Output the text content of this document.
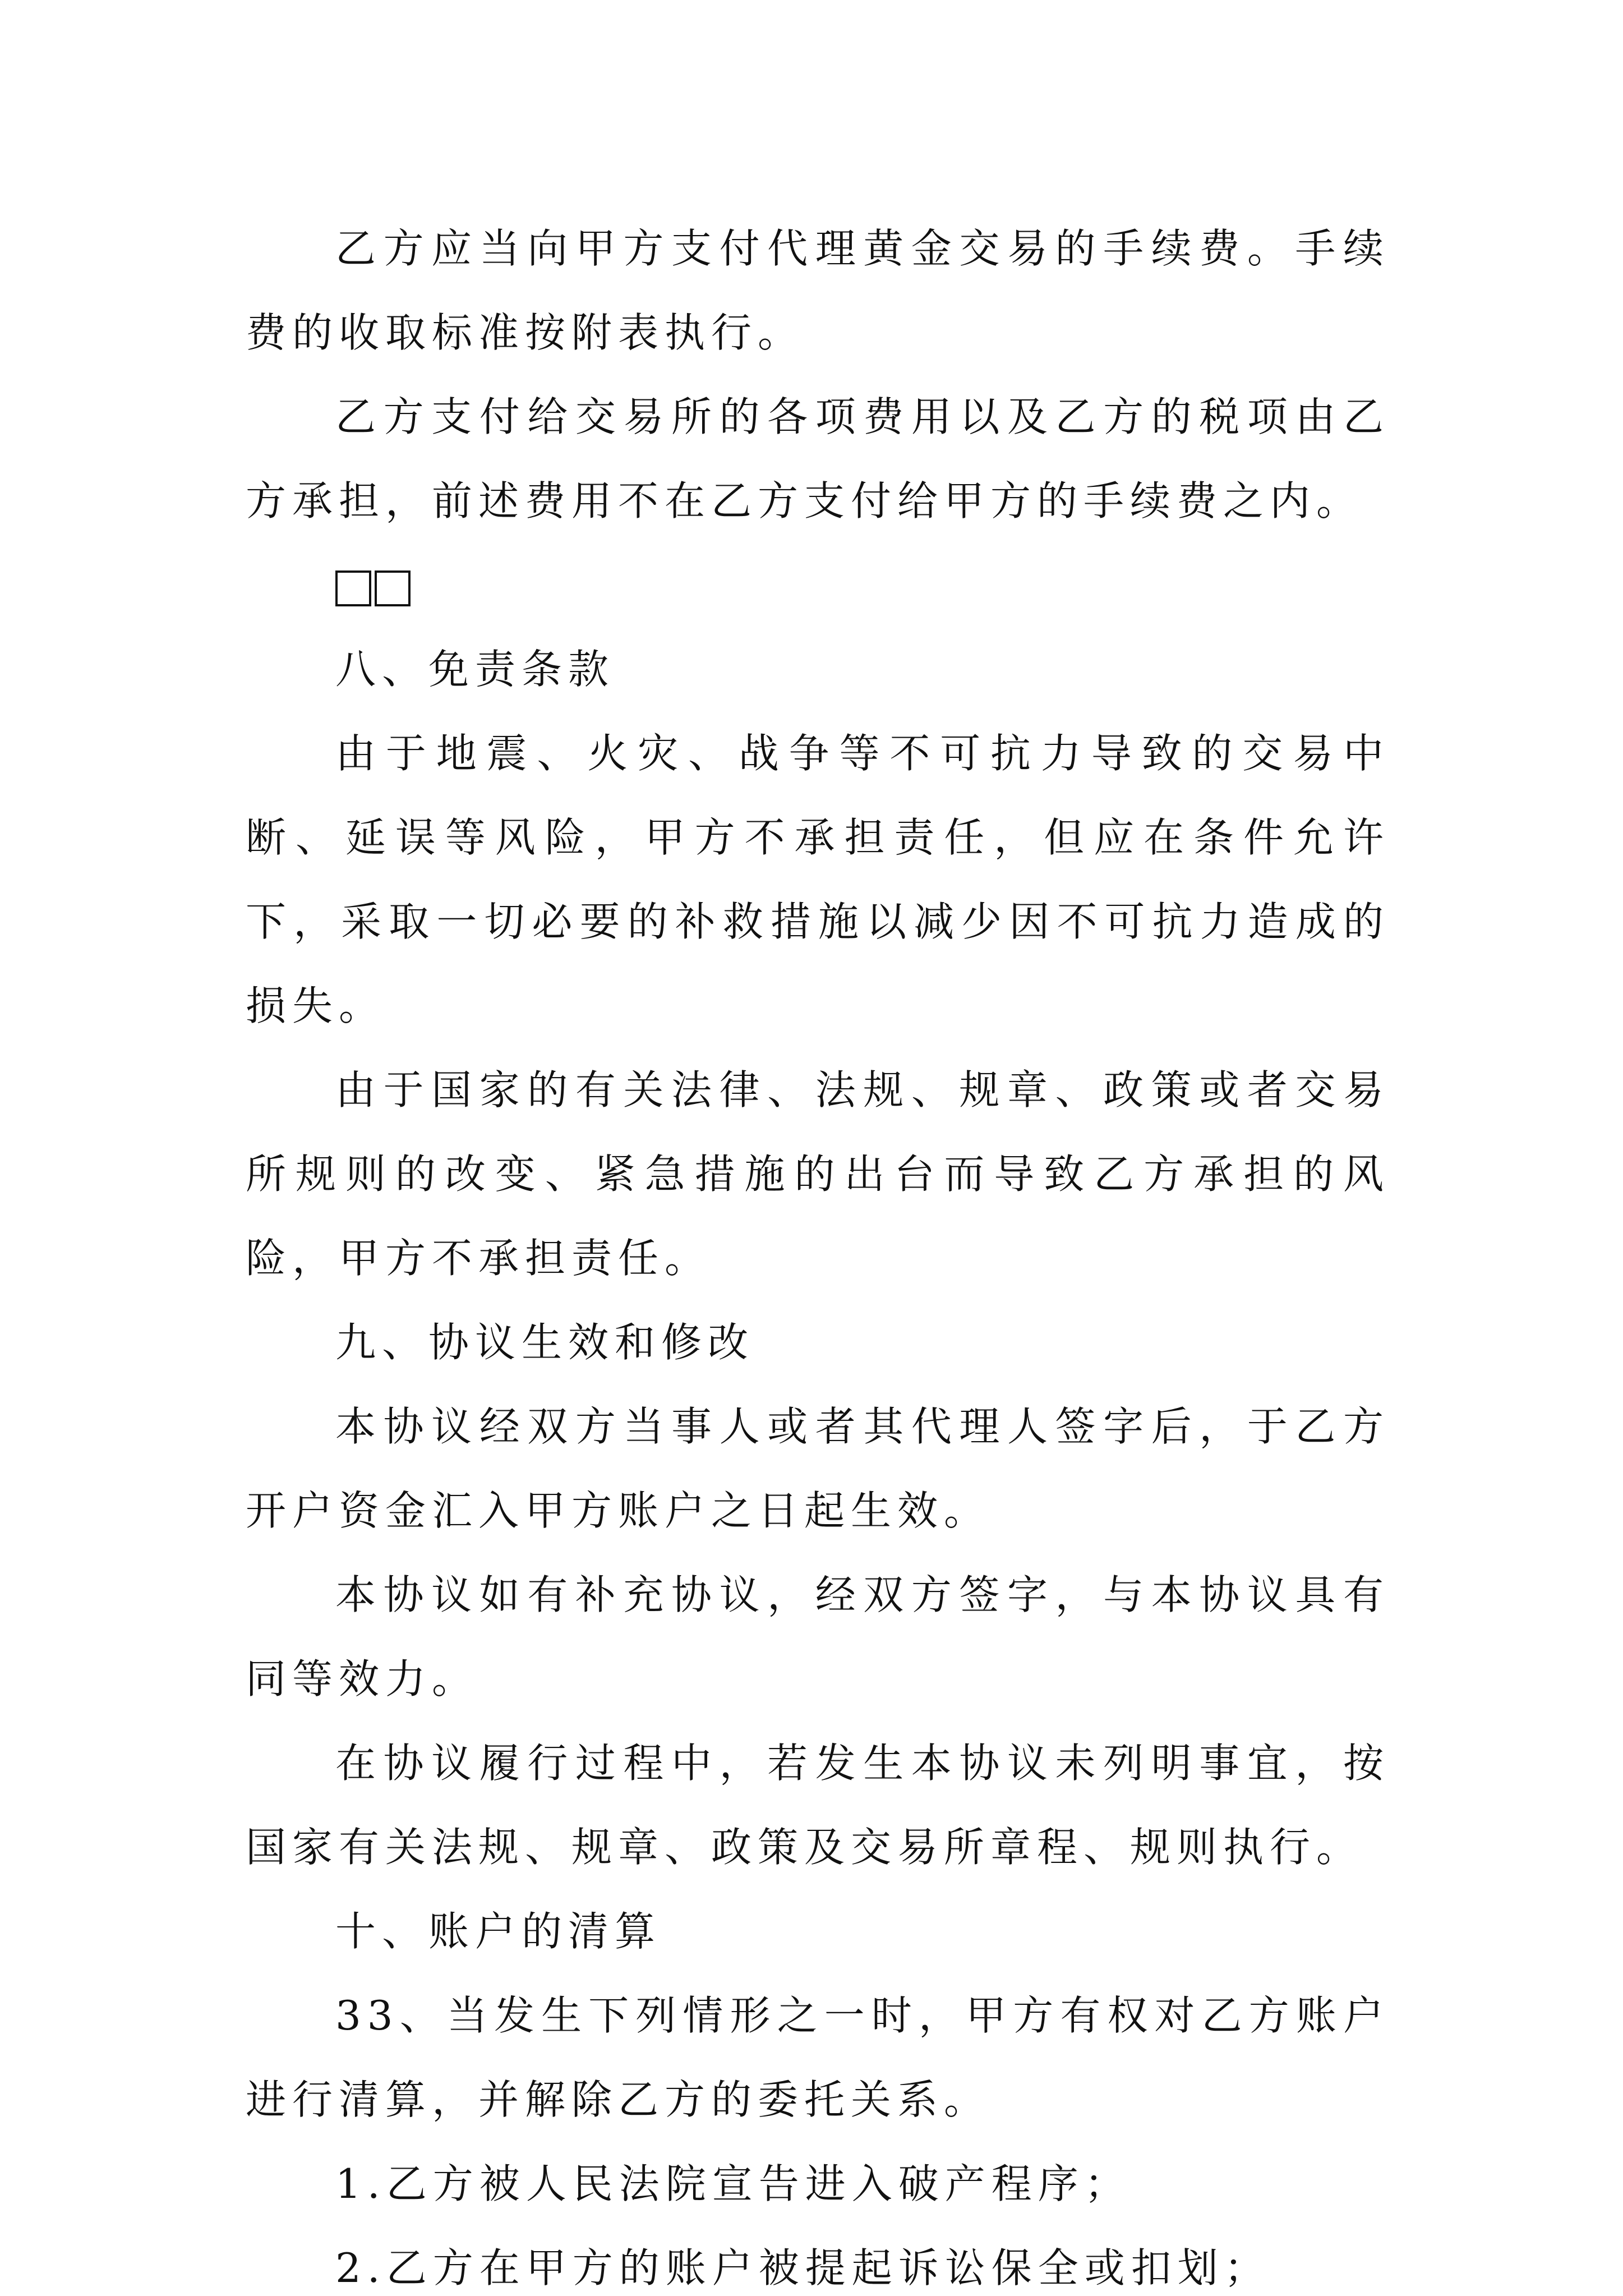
乙方应当向甲方支付代理黄金交易的手续费。手续费的收取标准按附表执行。

乙方支付给交易所的各项费用以及乙方的税项由乙方承担，前述费用不在乙方支付给甲方的手续费之内。

八、免责条款

由于地震、火灾、战争等不可抗力导致的交易中断、延误等风险，甲方不承担责任，但应在条件允许下，采取一切必要的补救措施以减少因不可抗力造成的损失。

由于国家的有关法律、法规、规章、政策或者交易所规则的改变、紧急措施的出台而导致乙方承担的风险，甲方不承担责任。

九、协议生效和修改

本协议经双方当事人或者其代理人签字后，于乙方开户资金汇入甲方账户之日起生效。

本协议如有补充协议，经双方签字，与本协议具有同等效力。

在协议履行过程中，若发生本协议未列明事宜，按国家有关法规、规章、政策及交易所章程、规则执行。

十、账户的清算

33、当发生下列情形之一时，甲方有权对乙方账户进行清算，并解除乙方的委托关系。

1.乙方被人民法院宣告进入破产程序；

2.乙方在甲方的账户被提起诉讼保全或扣划；
